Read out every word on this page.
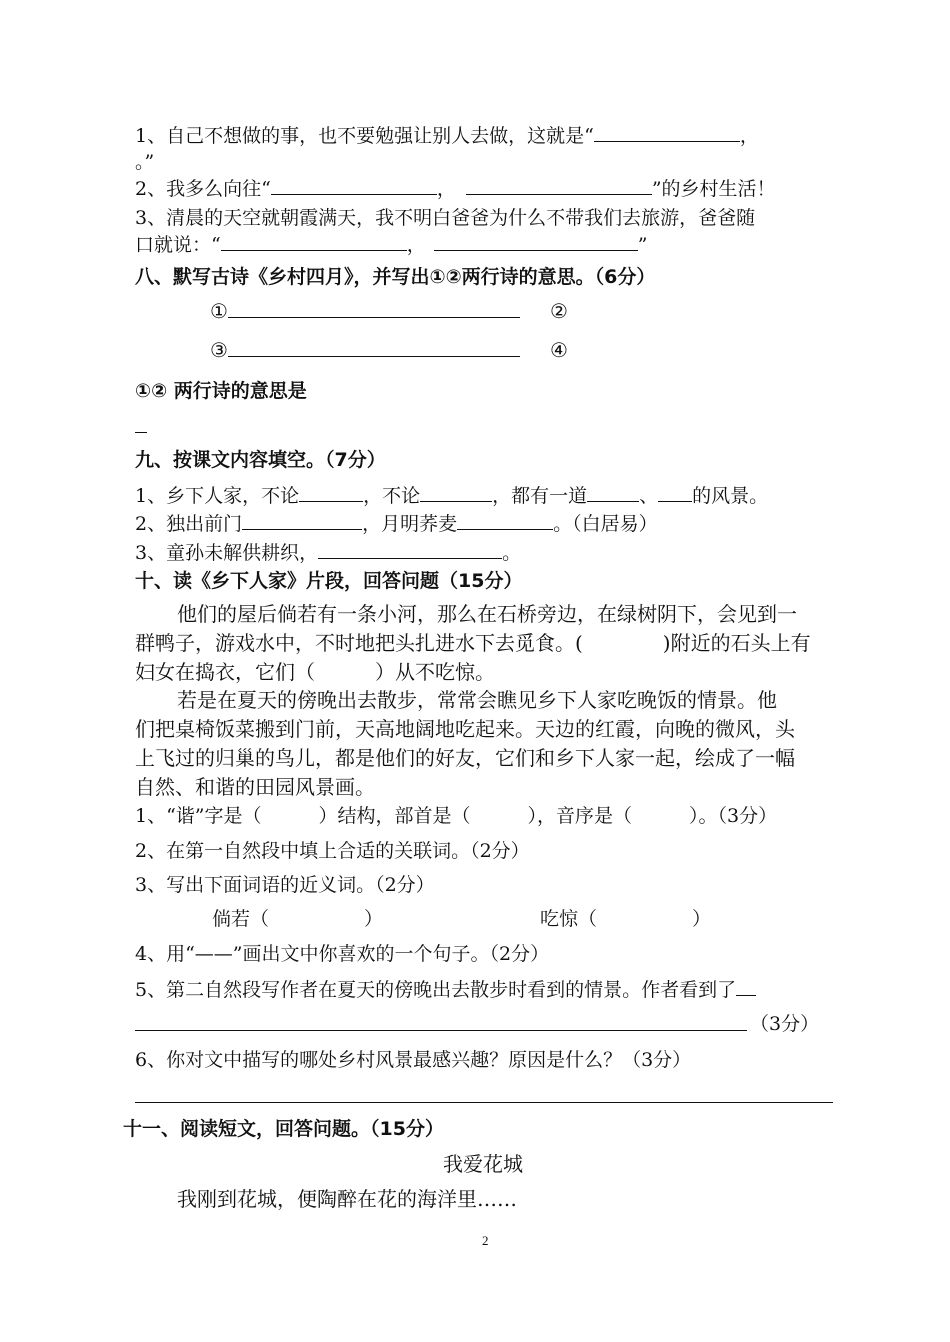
1、自己不想做的事，也不要勉强让别人去做，这就是“	，
。”
2、我多么向往“	，	”的乡村生活！
3、清晨的天空就朝霞满天，我不明白爸爸为什么不带我们去旅游，爸爸随
口就说：“	，	”
八、默写古诗《乡村四月》，并写出①②两行诗的意思。（6分）
①	②
③	④
①② 两行诗的意思是
九、按课文内容填空。（7分）
1、乡下人家，不论	，不论	，都有一道	、 的风景。
2、独出前门	，月明荞麦	。（白居易）
3、童孙未解供耕织，	。
十、读《乡下人家》片段，回答问题（15分）
他们的屋后倘若有一条小河，那么在石桥旁边，在绿树阴下，会见到一
群鸭子，游戏水中，不时地把头扎进水下去觅食。(　　　　)附近的石头上有
妇女在捣衣，它们（　　　）从不吃惊。
若是在夏天的傍晚出去散步，常常会瞧见乡下人家吃晚饭的情景。他
们把桌椅饭菜搬到门前，天高地阔地吃起来。天边的红霞，向晚的微风，头
上飞过的归巢的鸟儿，都是他们的好友，它们和乡下人家一起，绘成了一幅
自然、和谐的田园风景画。
1、“谐”字是（　　　）结构，部首是（　　　），音序是（　　　）。（3分）
2、在第一自然段中填上合适的关联词。（2分）
3、写出下面词语的近义词。（2分）
倘若（　　　　　）	吃惊（　　　　　）
4、用“——”画出文中你喜欢的一个句子。（2分）
5、第二自然段写作者在夏天的傍晚出去散步时看到的情景。作者看到了
（3分）
6、你对文中描写的哪处乡村风景最感兴趣？原因是什么？（3分）
十一、阅读短文，回答问题。（15分）
我爱花城
我刚到花城，便陶醉在花的海洋里……
2
